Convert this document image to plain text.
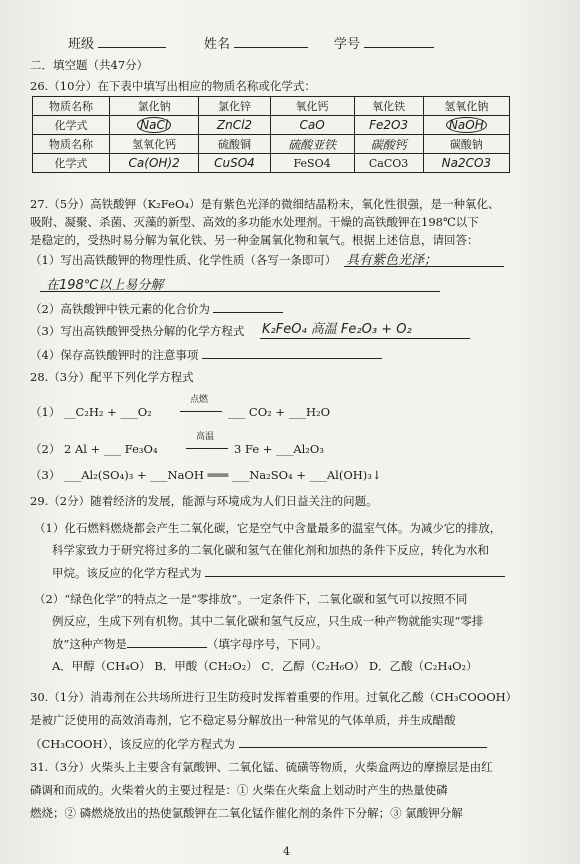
班级	姓名	学号
二．填空题（共47分）
26.（10分）在下表中填写出相应的物质名称或化学式：
物质名称	氯化钠	氯化锌	氧化钙	氧化铁	氢氧化钠
化学式	NaCl	ZnCl2	CaO	Fe2O3	NaOH
物质名称	氢氧化钙	硫酸铜	硫酸亚铁	碳酸钙	碳酸钠
化学式	Ca(OH)2	CuSO4	FeSO4	CaCO3	Na2CO3
27.（5分）高铁酸钾（K₂FeO₄）是有紫色光泽的微细结晶粉末，氧化性很强，是一种氧化、
吸附、凝聚、杀菌、灭藻的新型、高效的多功能水处理剂。干燥的高铁酸钾在198℃以下
是稳定的，受热时易分解为氧化铁、另一种金属氧化物和氧气。根据上述信息，请回答：
（1）写出高铁酸钾的物理性质、化学性质（各写一条即可） 具有紫色光泽；
在198℃以上易分解
（2）高铁酸钾中铁元素的化合价为
（3）写出高铁酸钾受热分解的化学方程式 K₂FeO₄ 高温 Fe₂O₃ + O₂
（4）保存高铁酸钾时的注意事项
28.（3分）配平下列化学方程式
（1） __C₂H₂ + ___O₂
点燃
___ CO₂ + ___H₂O
（2） 2 Al + ___ Fe₃O₄
高温
3 Fe + ___Al₂O₃
（3） ___Al₂(SO₄)₃ + ___NaOH ═══ ___Na₂SO₄ + ___Al(OH)₃↓
29.（2分）随着经济的发展，能源与环境成为人们日益关注的问题。
（1）化石燃料燃烧都会产生二氧化碳，它是空气中含量最多的温室气体。为减少它的排放，
科学家致力于研究将过多的二氧化碳和氢气在催化剂和加热的条件下反应，转化为水和
甲烷。该反应的化学方程式为
（2）“绿色化学”的特点之一是“零排放”。一定条件下，二氧化碳和氢气可以按照不同
例反应，生成下列有机物。其中二氧化碳和氢气反应，只生成一种产物就能实现“零排
放”这种产物是	（填字母序号，下同）。
A．甲醇（CH₄O） B．甲酸（CH₂O₂） C．乙醇（C₂H₆O） D．乙酸（C₂H₄O₂）
30.（1分）消毒剂在公共场所进行卫生防疫时发挥着重要的作用。过氧化乙酸（CH₃COOOH）
是被广泛使用的高效消毒剂，它不稳定易分解放出一种常见的气体单质，并生成醋酸
（CH₃COOH），该反应的化学方程式为
31.（3分）火柴头上主要含有氯酸钾、二氧化锰、硫磺等物质，火柴盒两边的摩擦层是由红
磷调和而成的。火柴着火的主要过程是：① 火柴在火柴盒上划动时产生的热量使磷
燃烧；② 磷燃烧放出的热使氯酸钾在二氧化锰作催化剂的条件下分解；③ 氯酸钾分解
4
